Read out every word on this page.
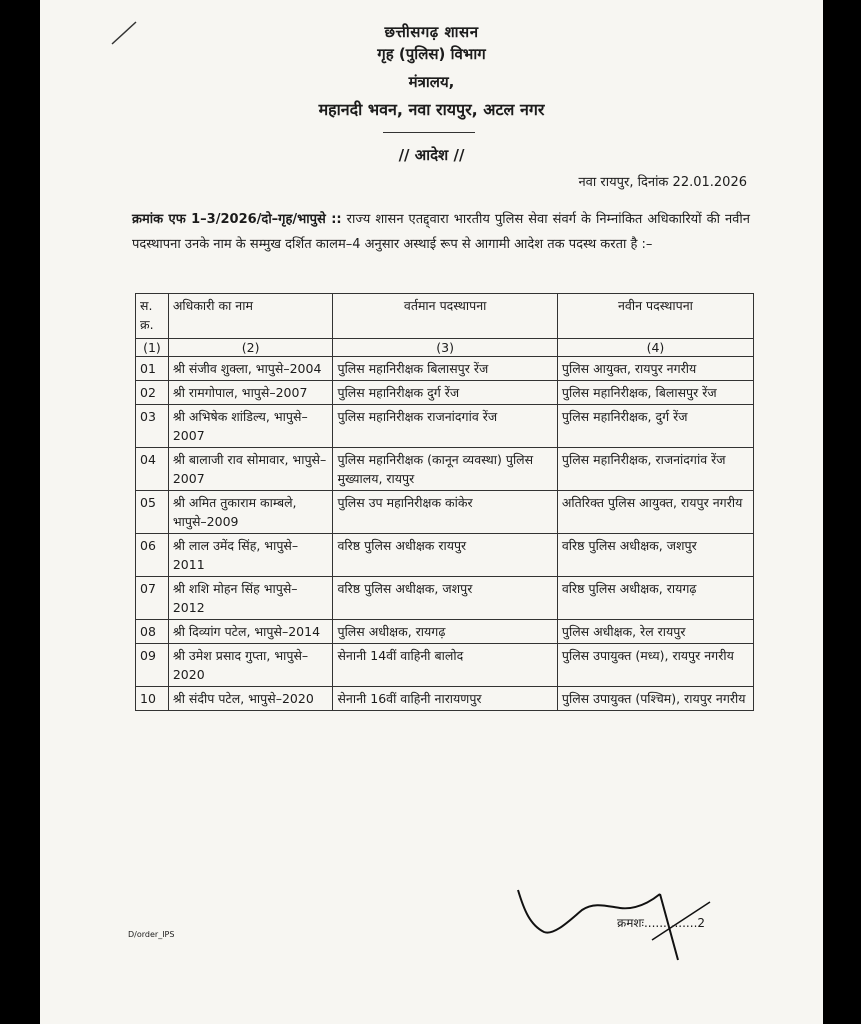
छत्तीसगढ़ शासन
गृह (पुलिस) विभाग
मंत्रालय,
महानदी भवन, नवा रायपुर, अटल नगर
// आदेश //
नवा रायपुर, दिनांक 22.01.2026
क्रमांक एफ 1–3/2026/दो–गृह/भापुसे :: राज्य शासन एतद्द्वारा भारतीय पुलिस सेवा संवर्ग के निम्नांकित अधिकारियों की नवीन पदस्थापना उनके नाम के सम्मुख दर्शित कालम–4 अनुसार अस्थाई रूप से आगामी आदेश तक पदस्थ करता है :–
स. क्र.	अधिकारी का नाम	वर्तमान पदस्थापना	नवीन पदस्थापना
(1)	(2)	(3)	(4)
01	श्री संजीव शुक्ला, भापुसे–2004	पुलिस महानिरीक्षक बिलासपुर रेंज	पुलिस आयुक्त, रायपुर नगरीय
02	श्री रामगोपाल, भापुसे–2007	पुलिस महानिरीक्षक दुर्ग रेंज	पुलिस महानिरीक्षक, बिलासपुर रेंज
03	श्री अभिषेक शांडिल्य, भापुसे–2007	पुलिस महानिरीक्षक राजनांदगांव रेंज	पुलिस महानिरीक्षक, दुर्ग रेंज
04	श्री बालाजी राव सोमावार, भापुसे–2007	पुलिस महानिरीक्षक (कानून व्यवस्था) पुलिस मुख्यालय, रायपुर	पुलिस महानिरीक्षक, राजनांदगांव रेंज
05	श्री अमित तुकाराम काम्बले, भापुसे–2009	पुलिस उप महानिरीक्षक कांकेर	अतिरिक्त पुलिस आयुक्त, रायपुर नगरीय
06	श्री लाल उमेंद सिंह, भापुसे–2011	वरिष्ठ पुलिस अधीक्षक रायपुर	वरिष्ठ पुलिस अधीक्षक, जशपुर
07	श्री शशि मोहन सिंह भापुसे– 2012	वरिष्ठ पुलिस अधीक्षक, जशपुर	वरिष्ठ पुलिस अधीक्षक, रायगढ़
08	श्री दिव्यांग पटेल, भापुसे–2014	पुलिस अधीक्षक, रायगढ़	पुलिस अधीक्षक, रेल रायपुर
09	श्री उमेश प्रसाद गुप्ता, भापुसे–2020	सेनानी 14वीं वाहिनी बालोद	पुलिस उपायुक्त (मध्य), रायपुर नगरीय
10	श्री संदीप पटेल, भापुसे–2020	सेनानी 16वीं वाहिनी नारायणपुर	पुलिस उपायुक्त (पश्चिम), रायपुर नगरीय
क्रमशः..............2
D/order_IPS
